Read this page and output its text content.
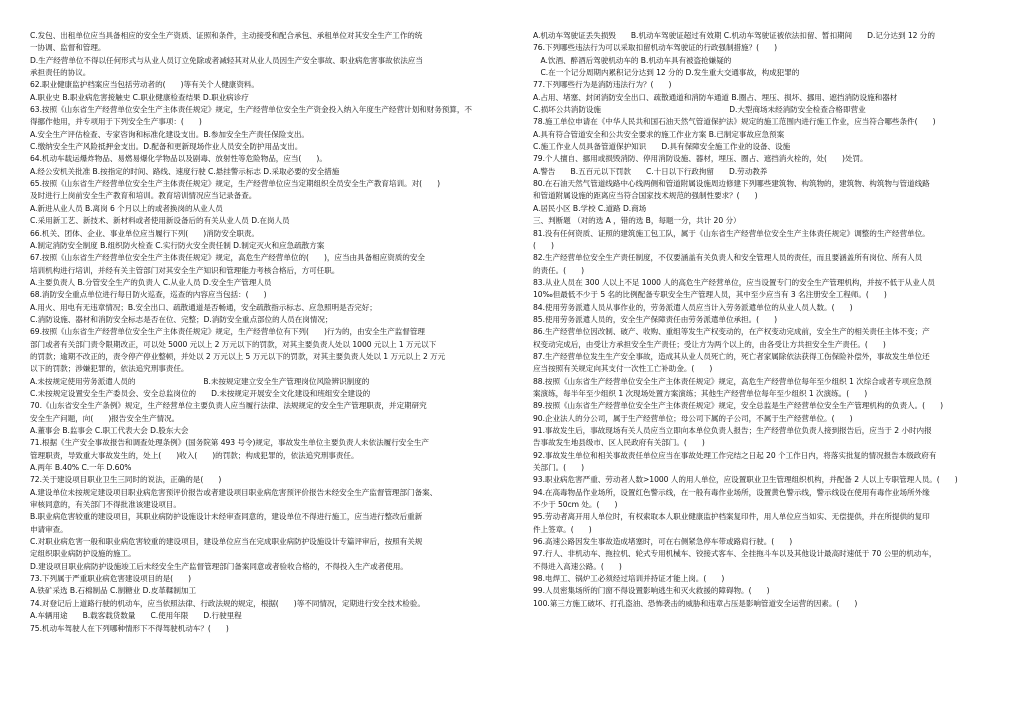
C.发包、出租单位应当具备相应的安全生产资质、证照和条件，主动接受和配合承包、承租单位对其安全生产工作的统
一协调、监督和管理。
D.生产经营单位不得以任何形式与从业人员订立免除或者减轻其对从业人员因生产安全事故、职业病危害事故依法应当
承担责任的协议。
62.职业健康监护档案应当包括劳动者的(　　)等有关个人健康资料。
A.职业史 B.职业病危害接触史 C.职业健康检查结果 D.职业病诊疗
63.按照《山东省生产经营单位安全生产主体责任规定》规定，生产经营单位安全生产资金投入纳入年度生产经营计划和财务预算，不
得挪作他用，并专项用于下列安全生产事项：(　　)
A.安全生产评估检查、专家咨询和标准化建设支出。B.参加安全生产责任保险支出。
C.缴纳安全生产风险抵押金支出。D.配备和更新现场作业人员安全防护用品支出。
64.机动车载运爆炸物品、易燃易爆化学物品以及剧毒、放射性等危险物品，应当(　　)。
A.经公安机关批准 B.按指定的时间、路线、速度行驶 C.悬挂警示标志 D.采取必要的安全措施
65.按照《山东省生产经营单位安全生产主体责任规定》规定，生产经营单位应当定期组织全员安全生产教育培训。对(　　)
及时进行上岗前安全生产教育和培训。教育培训情况应当记录备查。
A.新进从业人员 B.离岗 6 个月以上的或者换岗的从业人员
C.采用新工艺、新技术、新材料或者使用新设备后的有关从业人员 D.在岗人员
66.机关、团体、企业、事业单位应当履行下列(　　)消防安全职责。
A.制定消防安全制度 B.组织防火检查 C.实行防火安全责任制 D.制定灭火和应急疏散方案
67.按照《山东省生产经营单位安全生产主体责任规定》规定，高危生产经营单位的(　　)，应当由具备相应资质的安全
培训机构进行培训，并经有关主管部门对其安全生产知识和管理能力考核合格后，方可任职。
A.主要负责人 B.分管安全生产的负责人 C.从业人员 D.安全生产管理人员
68.消防安全重点单位进行每日防火巡查，巡查的内容应当包括：(　　)
A.用火、用电有无违章情况；B.安全出口、疏散通道是否畅通，安全疏散指示标志、应急照明是否完好；
C.消防设施、器材和消防安全标志是否在位、完整；D.消防安全重点部位的人员在岗情况；
69.按照《山东省生产经营单位安全生产主体责任规定》规定，生产经营单位有下列(　　)行为的，由安全生产监督管理
部门或者有关部门责令限期改正，可以处 5000 元以上 2 万元以下的罚款，对其主要负责人处以 1000 元以上 1 万元以下
的罚款；逾期不改正的，责令停产停业整顿，并处以 2 万元以上 5 万元以下的罚款，对其主要负责人处以 1 万元以上 2 万元
以下的罚款；涉嫌犯罪的，依法追究刑事责任。
A.未按规定使用劳务派遣人员的　　　　　　　　　B.未按规定建立安全生产管理岗位风险辨识制度的
C.未按规定设置安全生产委员会、安全总监岗位的　　D.未按规定开展安全文化建设和班组安全建设的
70.《山东省安全生产条例》规定，生产经营单位主要负责人应当履行法律、法规规定的安全生产管理职责，并定期研究
安全生产问题，向(　　)报告安全生产情况。
A.董事会 B.监事会 C.职工代表大会 D.股东大会
71.根据《生产安全事故报告和调查处理条例》(国务院第 493 号令)规定，事故发生单位主要负责人未依法履行安全生产
管理职责，导致重大事故发生的，处上(　　)收入(　　)的罚款；构成犯罪的，依法追究刑事责任。
A.两年 B.40% C.一年 D.60%
72.关于建设项目职业卫生三同时的说法，正确的是(　　)
A.建设单位未按规定建设项目职业病危害预评价报告或者建设项目职业病危害预评价报告未经安全生产监督管理部门备案、
审核同意的，有关部门不得批准该建设项目。
B.职业病危害较重的建设项目，其职业病防护设施设计未经审查同意的，建设单位不得进行施工，应当进行整改后重新
申请审查。
C.对职业病危害一般和职业病危害较重的建设项目，建设单位应当在完成职业病防护设施设计专篇评审后，按照有关规
定组织职业病防护设施的施工。
D.建设项目职业病防护设施竣工后未经安全生产监督管理部门备案同意或者验收合格的，不得投入生产或者使用。
73.下列属于严重职业病危害建设项目的是(　　)
A.铁矿采选 B.石棉制品 C.制糖业 D.皮革鞣制加工
74.对登记后上道路行驶的机动车，应当依照法律、行政法规的规定，根据(　　)等不同情况，定期进行安全技术检验。
A.车辆用途　　B.载客载货数量　　C.使用年限　　D.行驶里程
75.机动车驾驶人在下列哪种情形下不得驾驶机动车？(　　)
A.机动车驾驶证丢失损毁　　B.机动车驾驶证超过有效期 C.机动车驾驶证被依法扣留、暂扣期间　　D.记分达到 12 分的
76.下列哪些违法行为可以采取扣留机动车驾驶证的行政强制措施？(　　)
　A.饮酒、醉酒后驾驶机动车的 B.机动车具有被盗抢嫌疑的
　C.在一个记分周期内累积记分达到 12 分的 D.发生重大交通事故，构成犯罪的
77.下列哪些行为是消防违法行为？(　　)
A.占用、堵塞、封闭消防安全出口、疏散通道和消防车通道 B.圈占、埋压、损坏、挪用、遮挡消防设施和器材
C.损坏公共消防设施　　　　　　　　　　　　　　　　　D.大型商场未经消防安全检查合格即营业
78.施工单位申请在《中华人民共和国石油天然气管道保护法》规定的施工范围内进行施工作业，应当符合哪些条件(　　)
A.具有符合管道安全和公共安全要求的施工作业方案 B.已制定事故应急预案
C.施工作业人员具备管道保护知识　　D.具有保障安全施工作业的设备、设施
79.个人擅自、挪用或损毁消防、停用消防设施、器材，埋压、圈占、遮挡消火栓的，处(　　)处罚。
A.警告　　B.五百元以下罚款　　C.十日以下行政拘留　　D.劳动教养
80.在石油天然气管道线路中心线两侧和管道附属设施周边修建下列哪些建筑物、构筑物的，建筑物、构筑物与管道线路
和管道附属设施的距离应当符合国家技术规范的强制性要求？(　　)
A.居民小区 B.学校 C.道路 D.商场
三、判断题 （对的选 A ，错的选 B，每题一分，共计 20 分）
81.没有任何资质、证照的建筑施工包工队，属于《山东省生产经营单位安全生产主体责任规定》调整的生产经营单位。
(　　)
82.生产经营单位安全生产责任制度，不仅要涵盖有关负责人和安全管理人员的责任，而且要涵盖所有岗位、所有人员
的责任。(　　)
83.从业人员在 300 人以上不足 1000 人的高危生产经营单位，应当设置专门的安全生产管理机构，并按不低于从业人员
10‰但最低不少于 5 名的比例配备专职安全生产管理人员，其中至少应当有 3 名注册安全工程师。(　　)
84.使用劳务派遣人员从事作业的，劳务派遣人员应当计入劳务派遣单位的从业人员人数。(　　)
85.使用劳务派遣人员的，安全生产保障责任由劳务派遣单位承担。(　　)
86.生产经营单位因改制、破产、收购、重组等发生产权变动的，在产权变动完成前，安全生产的相关责任主体不变；产
权变动完成后，由受让方承担安全生产责任；受让方为两个以上的，由各受让方共担安全生产责任。(　　)
87.生产经营单位发生生产安全事故，造成其从业人员死亡的，死亡者家属除依法获得工伤保险补偿外，事故发生单位还
应当按照有关规定向其支付一次性工亡补助金。(　　)
88.按照《山东省生产经营单位安全生产主体责任规定》规定，高危生产经营单位每年至少组织 1 次综合或者专项应急预
案演练，每半年至少组织 1 次现场处置方案演练；其他生产经营单位每年至少组织 1 次演练。(　　)
89.按照《山东省生产经营单位安全生产主体责任规定》规定，安全总监是生产经营单位安全生产管理机构的负责人。(　　)
90.企业法人的分公司，属于生产经营单位；母公司下属的子公司，不属于生产经营单位。(　　)
91.事故发生后，事故现场有关人员应当立即向本单位负责人报告；生产经营单位负责人接到报告后，应当于 2 小时内报
告事故发生地县级市、区人民政府有关部门。(　　)
92.事故发生单位和相关事故责任单位应当在事故处理工作完结之日起 20 个工作日内，将落实批复的情况报告本级政府有
关部门。(　　)
93.职业病危害严重、劳动者人数>1000 人的用人单位，应设置职业卫生管理组织机构，并配备 2 人以上专职管理人员。(　　)
94.在高毒物品作业场所，设置红色警示线，在一般有毒作业场所，设置黄色警示线，警示线设在使用有毒作业场所外缘
不少于 50cm 处。(　　)
95.劳动者离开用人单位时，有权索取本人职业健康监护档案复印件，用人单位应当如实、无偿提供，并在所提供的复印
件上签章。(　　)
96.高速公路因发生事故造成堵塞时，可在右侧紧急停车带或路肩行驶。(　　)
97.行人、非机动车、拖拉机、轮式专用机械车、铰接式客车、全挂拖斗车以及其他设计最高时速低于 70 公里的机动车，
不得进入高速公路。(　　)
98.电焊工、锅炉工必须经过培训并持证才能上岗。(　　)
99.人员密集场所的门窗不得设置影响逃生和灭火救援的障碍物。(　　)
100.第三方施工破坏、打孔盗油、恐怖袭击的威胁和违章占压是影响管道安全运营的因素。(　　)
